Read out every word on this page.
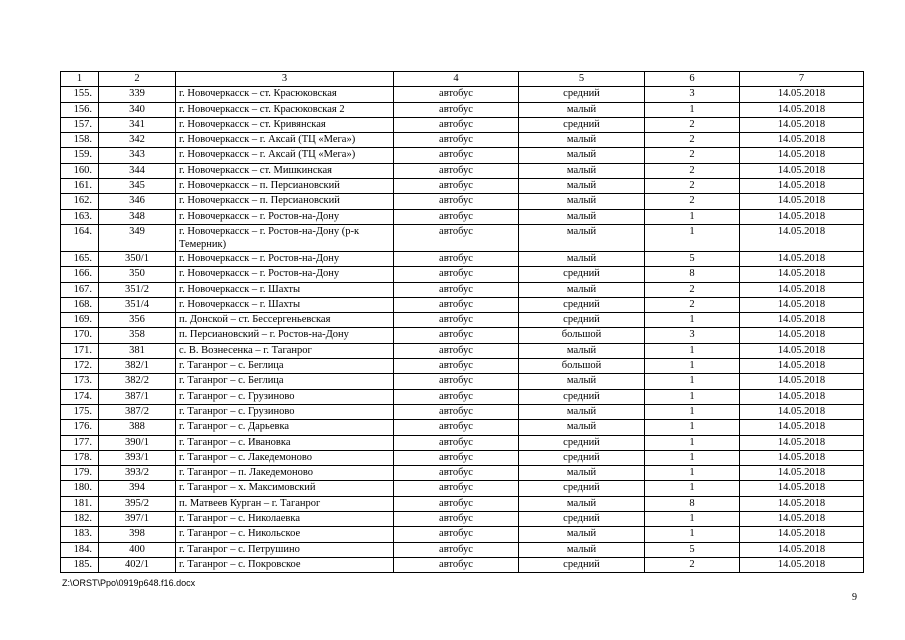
1	2	3	4	5	6	7
155.	339	г. Новочеркасск – ст. Красюковская	автобус	средний	3	14.05.2018
156.	340	г. Новочеркасск – ст. Красюковская 2	автобус	малый	1	14.05.2018
157.	341	г. Новочеркасск – ст. Кривянская	автобус	средний	2	14.05.2018
158.	342	г. Новочеркасск – г. Аксай (ТЦ «Мега»)	автобус	малый	2	14.05.2018
159.	343	г. Новочеркасск – г. Аксай (ТЦ «Мега»)	автобус	малый	2	14.05.2018
160.	344	г. Новочеркасск – ст. Мишкинская	автобус	малый	2	14.05.2018
161.	345	г. Новочеркасск – п. Персиановский	автобус	малый	2	14.05.2018
162.	346	г. Новочеркасск – п. Персиановский	автобус	малый	2	14.05.2018
163.	348	г. Новочеркасск – г. Ростов-на-Дону	автобус	малый	1	14.05.2018
164.	349	г. Новочеркасск – г. Ростов-на-Дону (р-к Темерник)	автобус	малый	1	14.05.2018
165.	350/1	г. Новочеркасск – г. Ростов-на-Дону	автобус	малый	5	14.05.2018
166.	350	г. Новочеркасск – г. Ростов-на-Дону	автобус	средний	8	14.05.2018
167.	351/2	г. Новочеркасск – г. Шахты	автобус	малый	2	14.05.2018
168.	351/4	г. Новочеркасск – г. Шахты	автобус	средний	2	14.05.2018
169.	356	п. Донской – ст. Бессергеньевская	автобус	средний	1	14.05.2018
170.	358	п. Персиановский – г. Ростов-на-Дону	автобус	большой	3	14.05.2018
171.	381	с. В. Вознесенка – г. Таганрог	автобус	малый	1	14.05.2018
172.	382/1	г. Таганрог – с. Беглица	автобус	большой	1	14.05.2018
173.	382/2	г. Таганрог – с. Беглица	автобус	малый	1	14.05.2018
174.	387/1	г. Таганрог – с. Грузиново	автобус	средний	1	14.05.2018
175.	387/2	г. Таганрог – с. Грузиново	автобус	малый	1	14.05.2018
176.	388	г. Таганрог – с. Дарьевка	автобус	малый	1	14.05.2018
177.	390/1	г. Таганрог – с. Ивановка	автобус	средний	1	14.05.2018
178.	393/1	г. Таганрог – с. Лакедемоново	автобус	средний	1	14.05.2018
179.	393/2	г. Таганрог – п. Лакедемоново	автобус	малый	1	14.05.2018
180.	394	г. Таганрог – х. Максимовский	автобус	средний	1	14.05.2018
181.	395/2	п. Матвеев Курган – г. Таганрог	автобус	малый	8	14.05.2018
182.	397/1	г. Таганрог – с. Николаевка	автобус	средний	1	14.05.2018
183.	398	г. Таганрог – с. Никольское	автобус	малый	1	14.05.2018
184.	400	г. Таганрог – с. Петрушино	автобус	малый	5	14.05.2018
185.	402/1	г. Таганрог – с. Покровское	автобус	средний	2	14.05.2018
Z:\ORST\Ppo\0919p648.f16.docx
9
